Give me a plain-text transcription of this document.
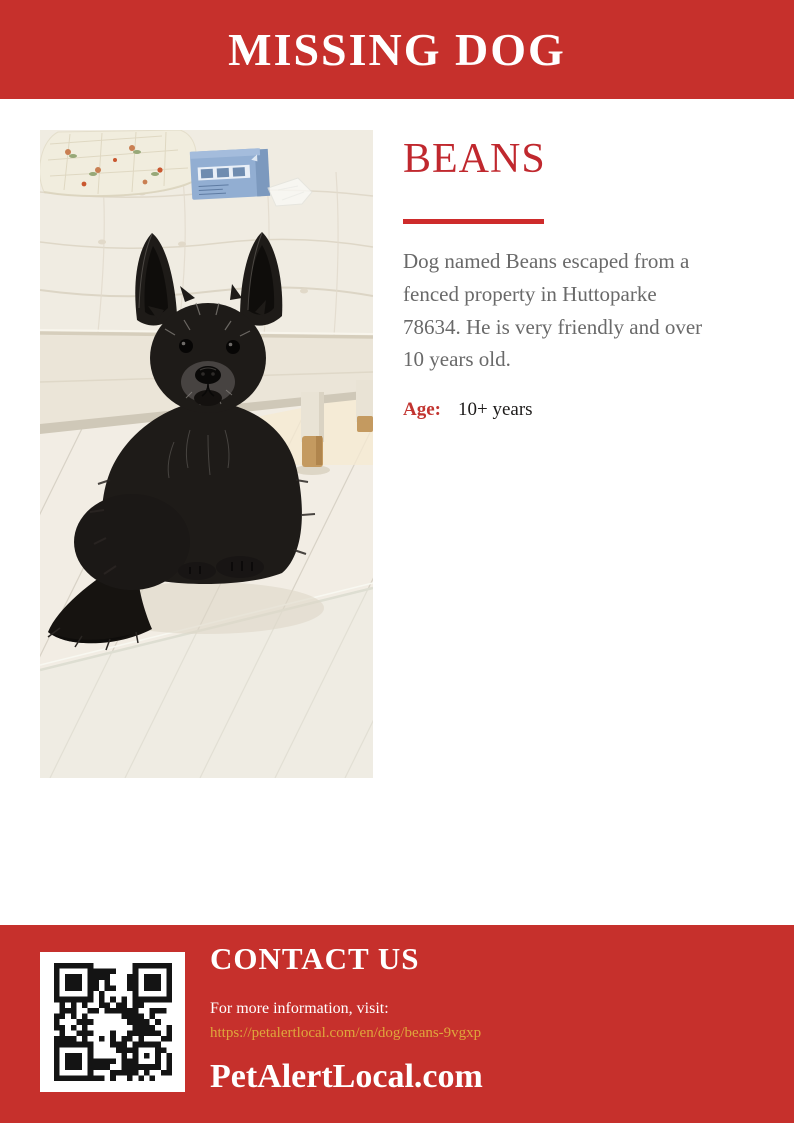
MISSING DOG
BEANS

Dog named Beans escaped from a fenced property in Huttoparke 78634. He is very friendly and over 10 years old.

Age: 10+ years
CONTACT US
For more information, visit:
https://petalertlocal.com/en/dog/beans-9vgxp
PetAlertLocal.com
